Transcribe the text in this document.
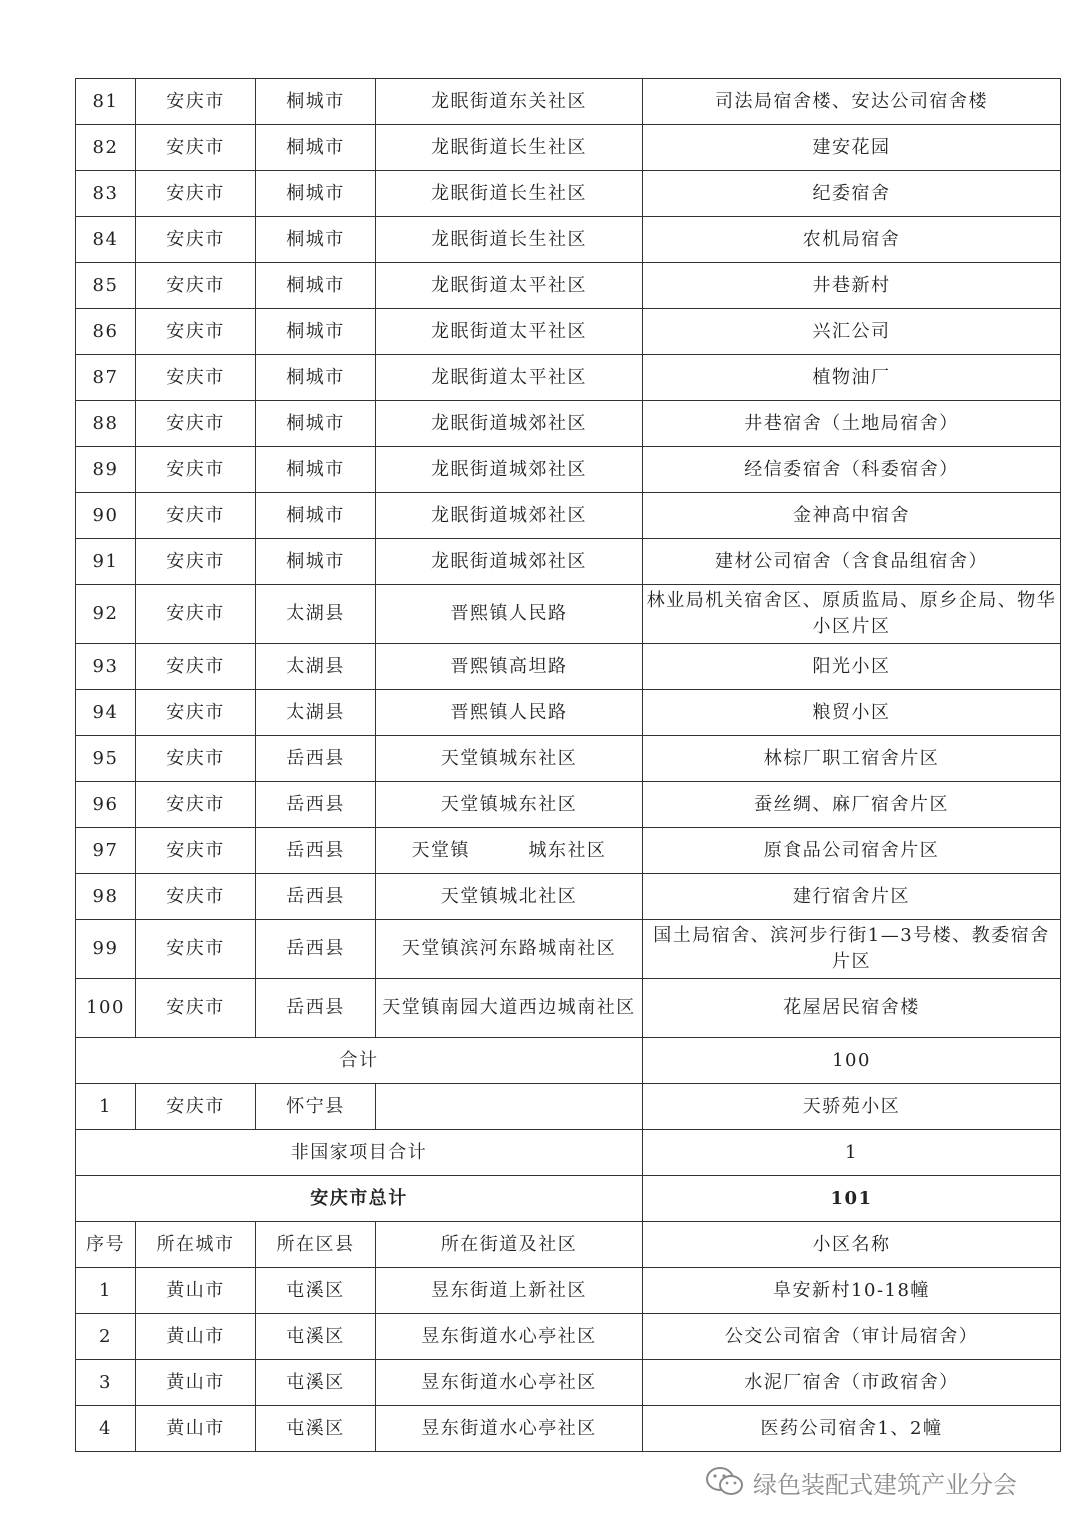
81	安庆市	桐城市	龙眠街道东关社区	司法局宿舍楼、安达公司宿舍楼
82	安庆市	桐城市	龙眠街道长生社区	建安花园
83	安庆市	桐城市	龙眠街道长生社区	纪委宿舍
84	安庆市	桐城市	龙眠街道长生社区	农机局宿舍
85	安庆市	桐城市	龙眠街道太平社区	井巷新村
86	安庆市	桐城市	龙眠街道太平社区	兴汇公司
87	安庆市	桐城市	龙眠街道太平社区	植物油厂
88	安庆市	桐城市	龙眠街道城郊社区	井巷宿舍（土地局宿舍）
89	安庆市	桐城市	龙眠街道城郊社区	经信委宿舍（科委宿舍）
90	安庆市	桐城市	龙眠街道城郊社区	金神高中宿舍
91	安庆市	桐城市	龙眠街道城郊社区	建材公司宿舍（含食品组宿舍）
92	安庆市	太湖县	晋熙镇人民路	林业局机关宿舍区、原质监局、原乡企局、物华小区片区
93	安庆市	太湖县	晋熙镇高坦路	阳光小区
94	安庆市	太湖县	晋熙镇人民路	粮贸小区
95	安庆市	岳西县	天堂镇城东社区	林棕厂职工宿舍片区
96	安庆市	岳西县	天堂镇城东社区	蚕丝绸、麻厂宿舍片区
97	安庆市	岳西县	天堂镇　　　城东社区	原食品公司宿舍片区
98	安庆市	岳西县	天堂镇城北社区	建行宿舍片区
99	安庆市	岳西县	天堂镇滨河东路城南社区	国土局宿舍、滨河步行街1—3号楼、教委宿舍片区
100	安庆市	岳西县	天堂镇南园大道西边城南社区	花屋居民宿舍楼
合计				100
1	安庆市	怀宁县		天骄苑小区
非国家项目合计				1
安庆市总计				101
序号	所在城市	所在区县	所在街道及社区	小区名称
1	黄山市	屯溪区	昱东街道上新社区	阜安新村10-18幢
2	黄山市	屯溪区	昱东街道水心亭社区	公交公司宿舍（审计局宿舍）
3	黄山市	屯溪区	昱东街道水心亭社区	水泥厂宿舍（市政宿舍）
4	黄山市	屯溪区	昱东街道水心亭社区	医药公司宿舍1、2幢
绿色装配式建筑产业分会
